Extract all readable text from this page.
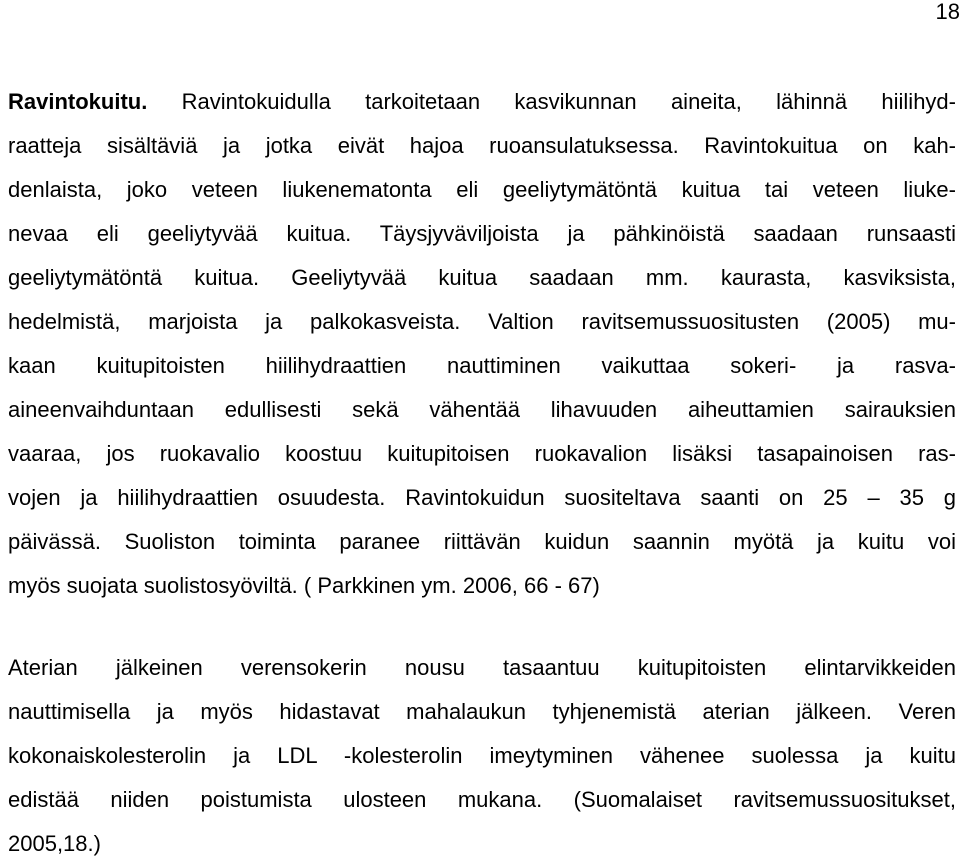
18
Ravintokuitu. Ravintokuidulla tarkoitetaan kasvikunnan aineita, lähinnä hiilihyd-
raatteja sisältäviä ja jotka eivät hajoa ruoansulatuksessa. Ravintokuitua on kah-
denlaista, joko veteen liukenematonta eli geeliytymätöntä kuitua tai veteen liuke-
nevaa eli geeliytyvää kuitua. Täysjyväviljoista ja pähkinöistä saadaan runsaasti
geeliytymätöntä kuitua. Geeliytyvää kuitua saadaan mm. kaurasta, kasviksista,
hedelmistä, marjoista ja palkokasveista. Valtion ravitsemussuositusten (2005) mu-
kaan kuitupitoisten hiilihydraattien nauttiminen vaikuttaa sokeri- ja rasva-
aineenvaihduntaan edullisesti sekä vähentää lihavuuden aiheuttamien sairauksien
vaaraa, jos ruokavalio koostuu kuitupitoisen ruokavalion lisäksi tasapainoisen ras-
vojen ja hiilihydraattien osuudesta. Ravintokuidun suositeltava saanti on 25 – 35 g
päivässä. Suoliston toiminta paranee riittävän kuidun saannin myötä ja kuitu voi
myös suojata suolistosyöviltä. ( Parkkinen ym. 2006, 66 - 67)
Aterian jälkeinen verensokerin nousu tasaantuu kuitupitoisten elintarvikkeiden
nauttimisella ja myös hidastavat mahalaukun tyhjenemistä aterian jälkeen. Veren
kokonaiskolesterolin ja LDL -kolesterolin imeytyminen vähenee suolessa ja kuitu
edistää niiden poistumista ulosteen mukana. (Suomalaiset ravitsemussuositukset,
2005,18.)
